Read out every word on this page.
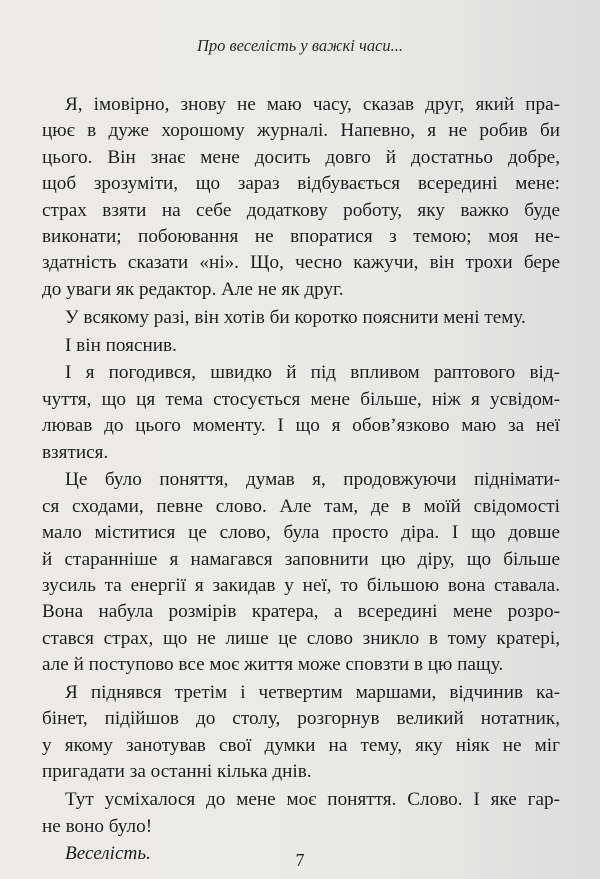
Про веселість у важкі часи...
Я, імовірно, знову не маю часу, сказав друг, який пра-
цює в дуже хорошому журналі. Напевно, я не робив би
цього. Він знає мене досить довго й достатньо добре,
щоб зрозуміти, що зараз відбувається всередині мене:
страх взяти на себе додаткову роботу, яку важко буде
виконати; побоювання не впоратися з темою; моя не-
здатність сказати «ні». Що, чесно кажучи, він трохи бере
до уваги як редактор. Але не як друг.
У всякому разі, він хотів би коротко пояснити мені тему.
І він пояснив.
І я погодився, швидко й під впливом раптового від-
чуття, що ця тема стосується мене більше, ніж я усвідом-
лював до цього моменту. І що я обов’язково маю за неї
взятися.
Це було поняття, думав я, продовжуючи піднімати-
ся сходами, певне слово. Але там, де в моїй свідомості
мало міститися це слово, була просто діра. І що довше
й старанніше я намагався заповнити цю діру, що більше
зусиль та енергії я закидав у неї, то більшою вона ставала.
Вона набула розмірів кратера, а всередині мене розро-
стався страх, що не лише це слово зникло в тому кратері,
але й поступово все моє життя може сповзти в цю пащу.
Я піднявся третім і четвертим маршами, відчинив ка-
бінет, підійшов до столу, розгорнув великий нотатник,
у якому занотував свої думки на тему, яку ніяк не міг
пригадати за останні кілька днів.
Тут усміхалося до мене моє поняття. Слово. І яке гар-
не воно було!
Веселість.	7
